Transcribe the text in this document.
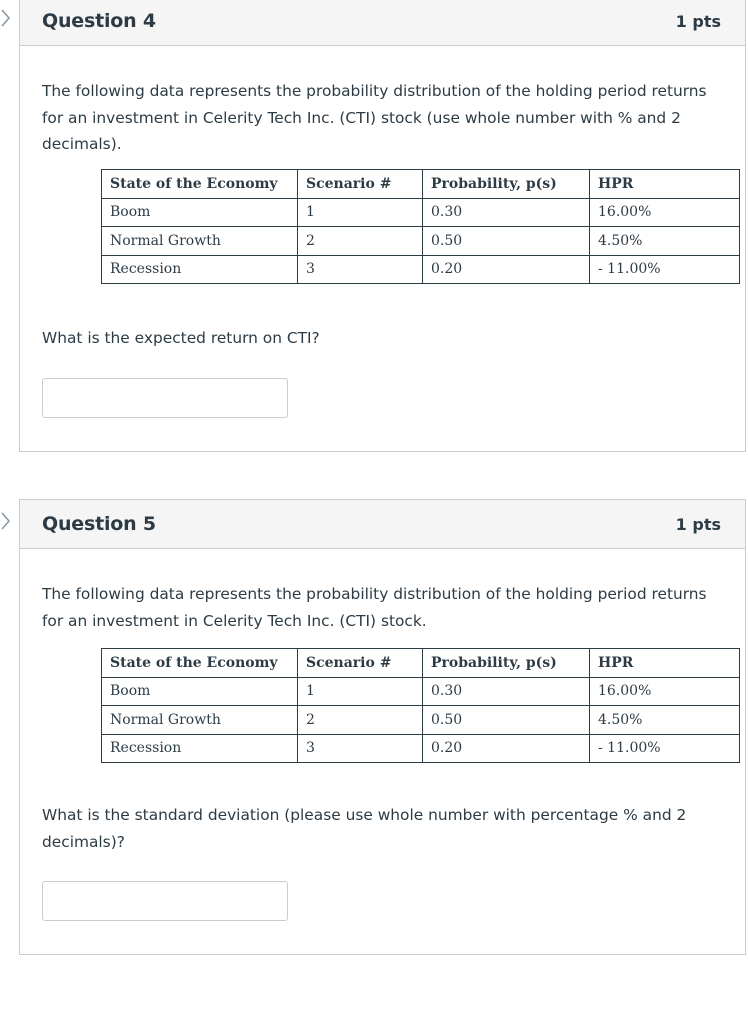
Question 4	1 pts
The following data represents the probability distribution of the holding period returns for an investment in Celerity Tech Inc. (CTI) stock (use whole number with % and 2 decimals).
State of the Economy	Scenario #	Probability, p(s)	HPR
Boom	1	0.30	16.00%
Normal Growth	2	0.50	4.50%
Recession	3	0.20	- 11.00%
What is the expected return on CTI?
Question 5	1 pts
The following data represents the probability distribution of the holding period returns for an investment in Celerity Tech Inc. (CTI) stock.
State of the Economy	Scenario #	Probability, p(s)	HPR
Boom	1	0.30	16.00%
Normal Growth	2	0.50	4.50%
Recession	3	0.20	- 11.00%
What is the standard deviation (please use whole number with percentage % and 2 decimals)?
